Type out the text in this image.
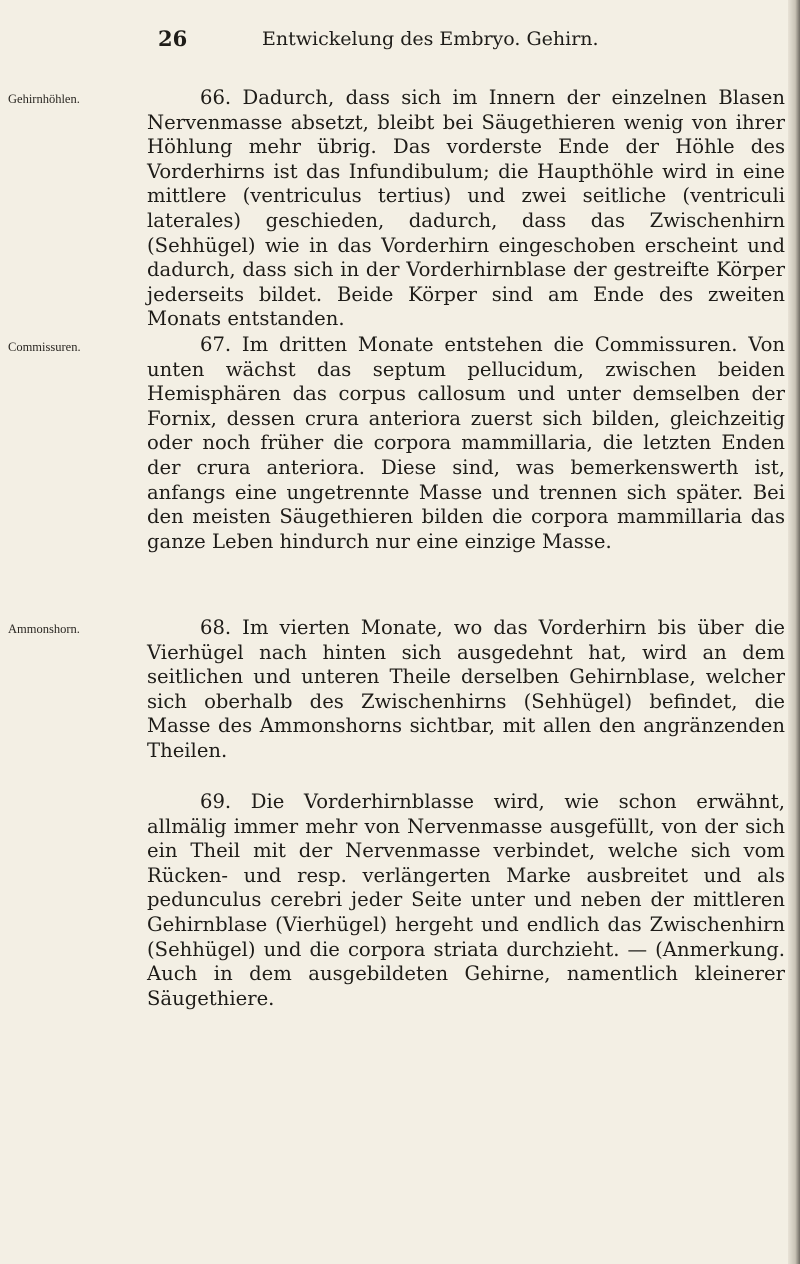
26	Entwickelung des Embryo. Gehirn.
Gehirnhöhlen.	66. Dadurch, dass sich im Innern der einzelnen Blasen Nervenmasse absetzt, bleibt bei Säugethieren wenig von ihrer Höhlung mehr übrig. Das vorderste Ende der Höhle des Vorderhirns ist das Infundibulum; die Haupthöhle wird in eine mittlere (ventriculus tertius) und zwei seitliche (ventriculi laterales) geschieden, dadurch, dass das Zwischenhirn (Sehhügel) wie in das Vorderhirn eingeschoben erscheint und dadurch, dass sich in der Vorderhirnblase der gestreifte Körper jederseits bildet. Beide Körper sind am Ende des zweiten Monats entstanden.

Commissuren.	67. Im dritten Monate entstehen die Commissuren. Von unten wächst das septum pellucidum, zwischen beiden Hemisphären das corpus callosum und unter demselben der Fornix, dessen crura anteriora zuerst sich bilden, gleichzeitig oder noch früher die corpora mammillaria, die letzten Enden der crura anteriora. Diese sind, was bemerkenswerth ist, anfangs eine ungetrennte Masse und trennen sich später. Bei den meisten Säugethieren bilden die corpora mammillaria das ganze Leben hindurch nur eine einzige Masse.

Ammonshorn.	68. Im vierten Monate, wo das Vorderhirn bis über die Vierhügel nach hinten sich ausgedehnt hat, wird an dem seitlichen und unteren Theile derselben Gehirnblase, welcher sich oberhalb des Zwischenhirns (Sehhügel) befindet, die Masse des Ammonshorns sichtbar, mit allen den angränzenden Theilen.

69. Die Vorderhirnblasse wird, wie schon erwähnt, allmälig immer mehr von Nervenmasse ausgefüllt, von der sich ein Theil mit der Nervenmasse verbindet, welche sich vom Rücken- und resp. verlängerten Marke ausbreitet und als pedunculus cerebri jeder Seite unter und neben der mittleren Gehirnblase (Vierhügel) hergeht und endlich das Zwischenhirn (Sehhügel) und die corpora striata durchzieht. — (Anmerkung. Auch in dem ausgebildeten Gehirne, namentlich kleinerer Säugethiere.
